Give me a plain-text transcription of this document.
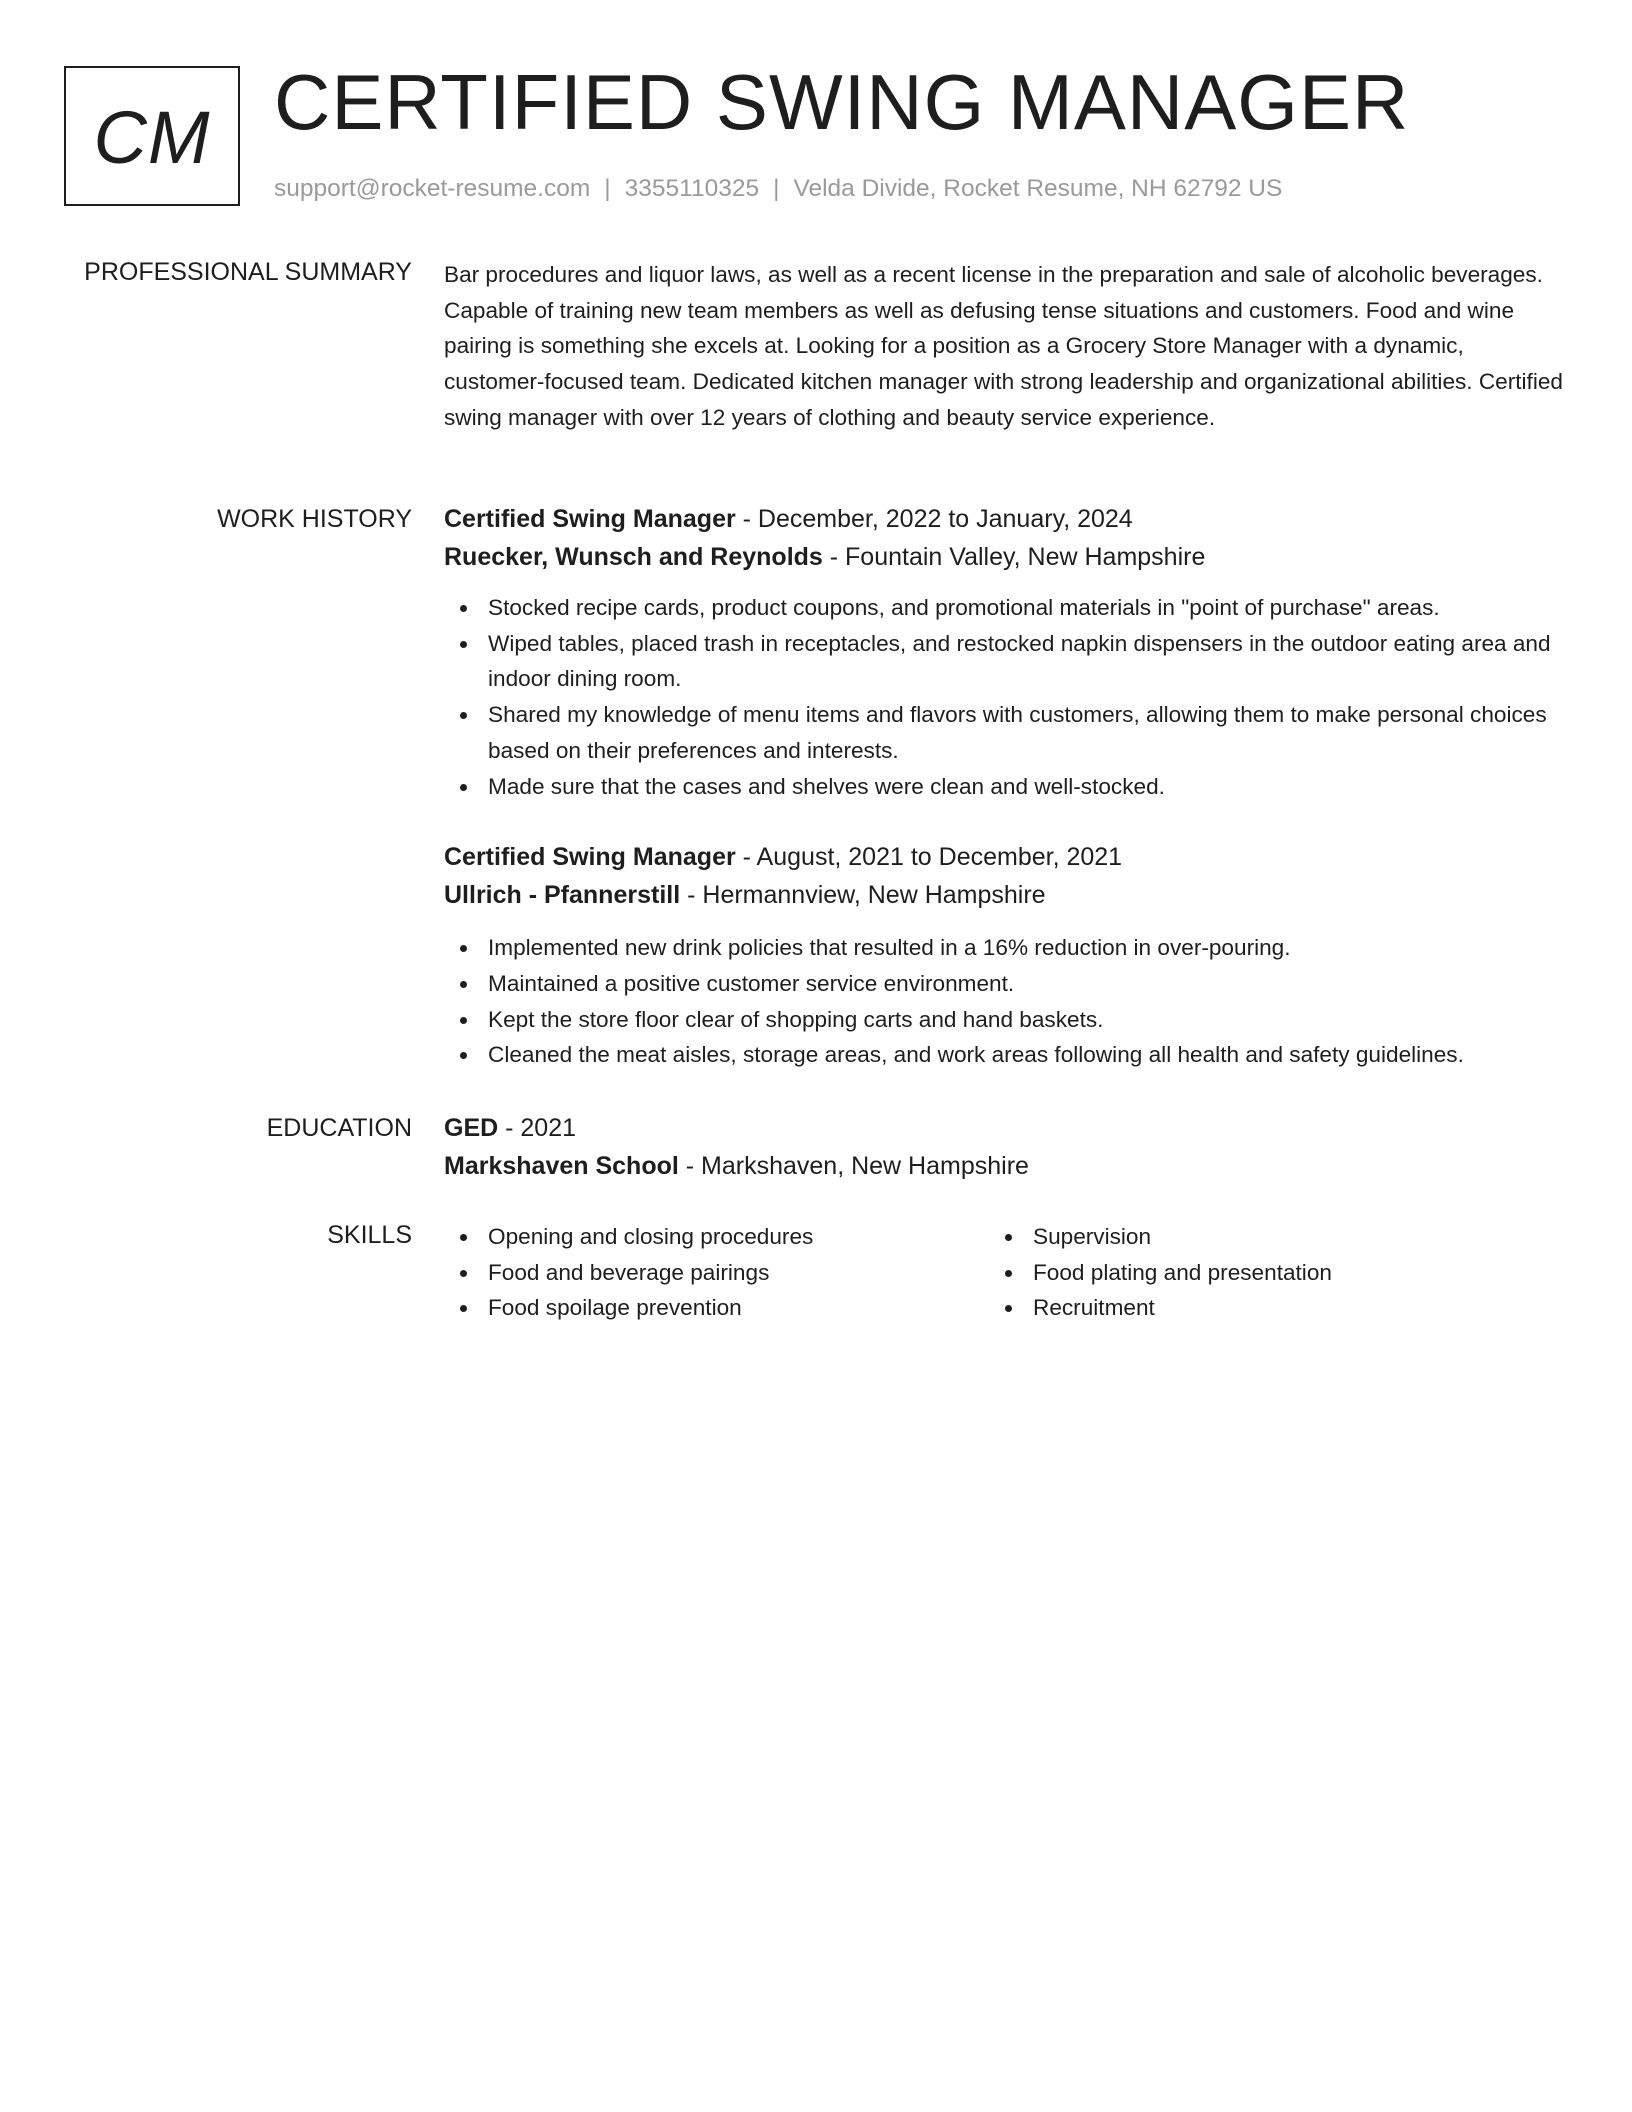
CM CERTIFIED SWING MANAGER
support@rocket-resume.com | 3355110325 | Velda Divide, Rocket Resume, NH 62792 US
PROFESSIONAL SUMMARY Bar procedures and liquor laws, as well as a recent license in the preparation and sale of alcoholic beverages. Capable of training new team members as well as defusing tense situations and customers. Food and wine pairing is something she excels at. Looking for a position as a Grocery Store Manager with a dynamic, customer-focused team. Dedicated kitchen manager with strong leadership and organizational abilities. Certified swing manager with over 12 years of clothing and beauty service experience.

WORK HISTORY Certified Swing Manager - December, 2022 to January, 2024
Ruecker, Wunsch and Reynolds - Fountain Valley, New Hampshire
Stocked recipe cards, product coupons, and promotional materials in "point of purchase" areas.
Wiped tables, placed trash in receptacles, and restocked napkin dispensers in the outdoor eating area and indoor dining room.
Shared my knowledge of menu items and flavors with customers, allowing them to make personal choices based on their preferences and interests.
Made sure that the cases and shelves were clean and well-stocked.
Certified Swing Manager - August, 2021 to December, 2021
Ullrich - Pfannerstill - Hermannview, New Hampshire
Implemented new drink policies that resulted in a 16% reduction in over-pouring.
Maintained a positive customer service environment.
Kept the store floor clear of shopping carts and hand baskets.
Cleaned the meat aisles, storage areas, and work areas following all health and safety guidelines.
EDUCATION GED - 2021
Markshaven School - Markshaven, New Hampshire
SKILLS	Opening and closing procedures
Food and beverage pairings
Food spoilage prevention
Supervision
Food plating and presentation
Recruitment
